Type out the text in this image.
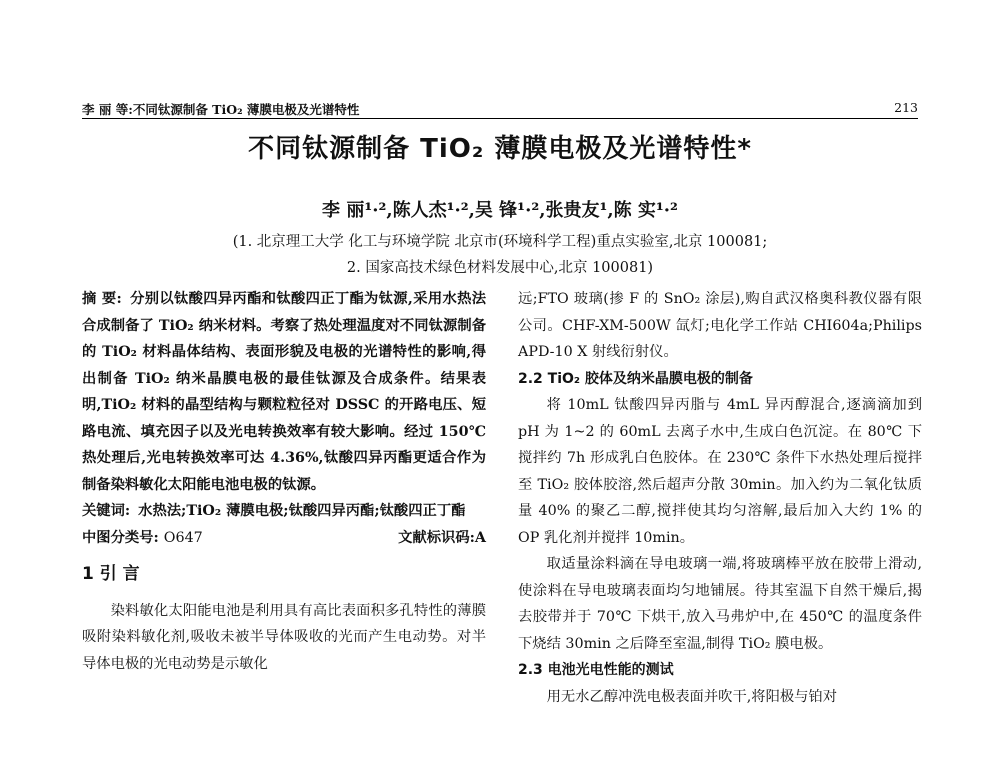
李 丽 等:不同钛源制备 TiO₂ 薄膜电极及光谱特性	213
不同钛源制备 TiO₂ 薄膜电极及光谱特性*
李 丽¹·²,陈人杰¹·²,吴 锋¹·²,张贵友¹,陈 实¹·²
(1. 北京理工大学 化工与环境学院 北京市(环境科学工程)重点实验室,北京 100081;
2. 国家高技术绿色材料发展中心,北京 100081)

摘 要: 分别以钛酸四异丙酯和钛酸四正丁酯为钛源,采用水热法合成制备了 TiO₂ 纳米材料。考察了热处理温度对不同钛源制备的 TiO₂ 材料晶体结构、表面形貌及电极的光谱特性的影响,得出制备 TiO₂ 纳米晶膜电极的最佳钛源及合成条件。结果表明,TiO₂ 材料的晶型结构与颗粒粒径对 DSSC 的开路电压、短路电流、填充因子以及光电转换效率有较大影响。经过 150℃ 热处理后,光电转换效率可达 4.36%,钛酸四异丙酯更适合作为制备染料敏化太阳能电池电极的钛源。

关键词: 水热法;TiO₂ 薄膜电极;钛酸四异丙酯;钛酸四正丁酯

中图分类号: O647	文献标识码:A
1 引 言

染料敏化太阳能电池是利用具有高比表面积多孔特性的薄膜吸附染料敏化剂,吸收未被半导体吸收的光而产生电动势。对半导体电极的光电动势是示敏化

远;FTO 玻璃(掺 F 的 SnO₂ 涂层),购自武汉格奥科教仪器有限公司。CHF-XM-500W 氙灯;电化学工作站 CHI604a;Philips APD-10 X 射线衍射仪。

2.2 TiO₂ 胶体及纳米晶膜电极的制备

将 10mL 钛酸四异丙脂与 4mL 异丙醇混合,逐滴滴加到 pH 为 1~2 的 60mL 去离子水中,生成白色沉淀。在 80℃ 下搅拌约 7h 形成乳白色胶体。在 230℃ 条件下水热处理后搅拌至 TiO₂ 胶体胶溶,然后超声分散 30min。加入约为二氧化钛质量 40% 的聚乙二醇,搅拌使其均匀溶解,最后加入大约 1% 的 OP 乳化剂并搅拌 10min。

取适量涂料滴在导电玻璃一端,将玻璃棒平放在胶带上滑动,使涂料在导电玻璃表面均匀地铺展。待其室温下自然干燥后,揭去胶带并于 70℃ 下烘干,放入马弗炉中,在 450℃ 的温度条件下烧结 30min 之后降至室温,制得 TiO₂ 膜电极。

2.3 电池光电性能的测试

用无水乙醇冲洗电极表面并吹干,将阳极与铂对
